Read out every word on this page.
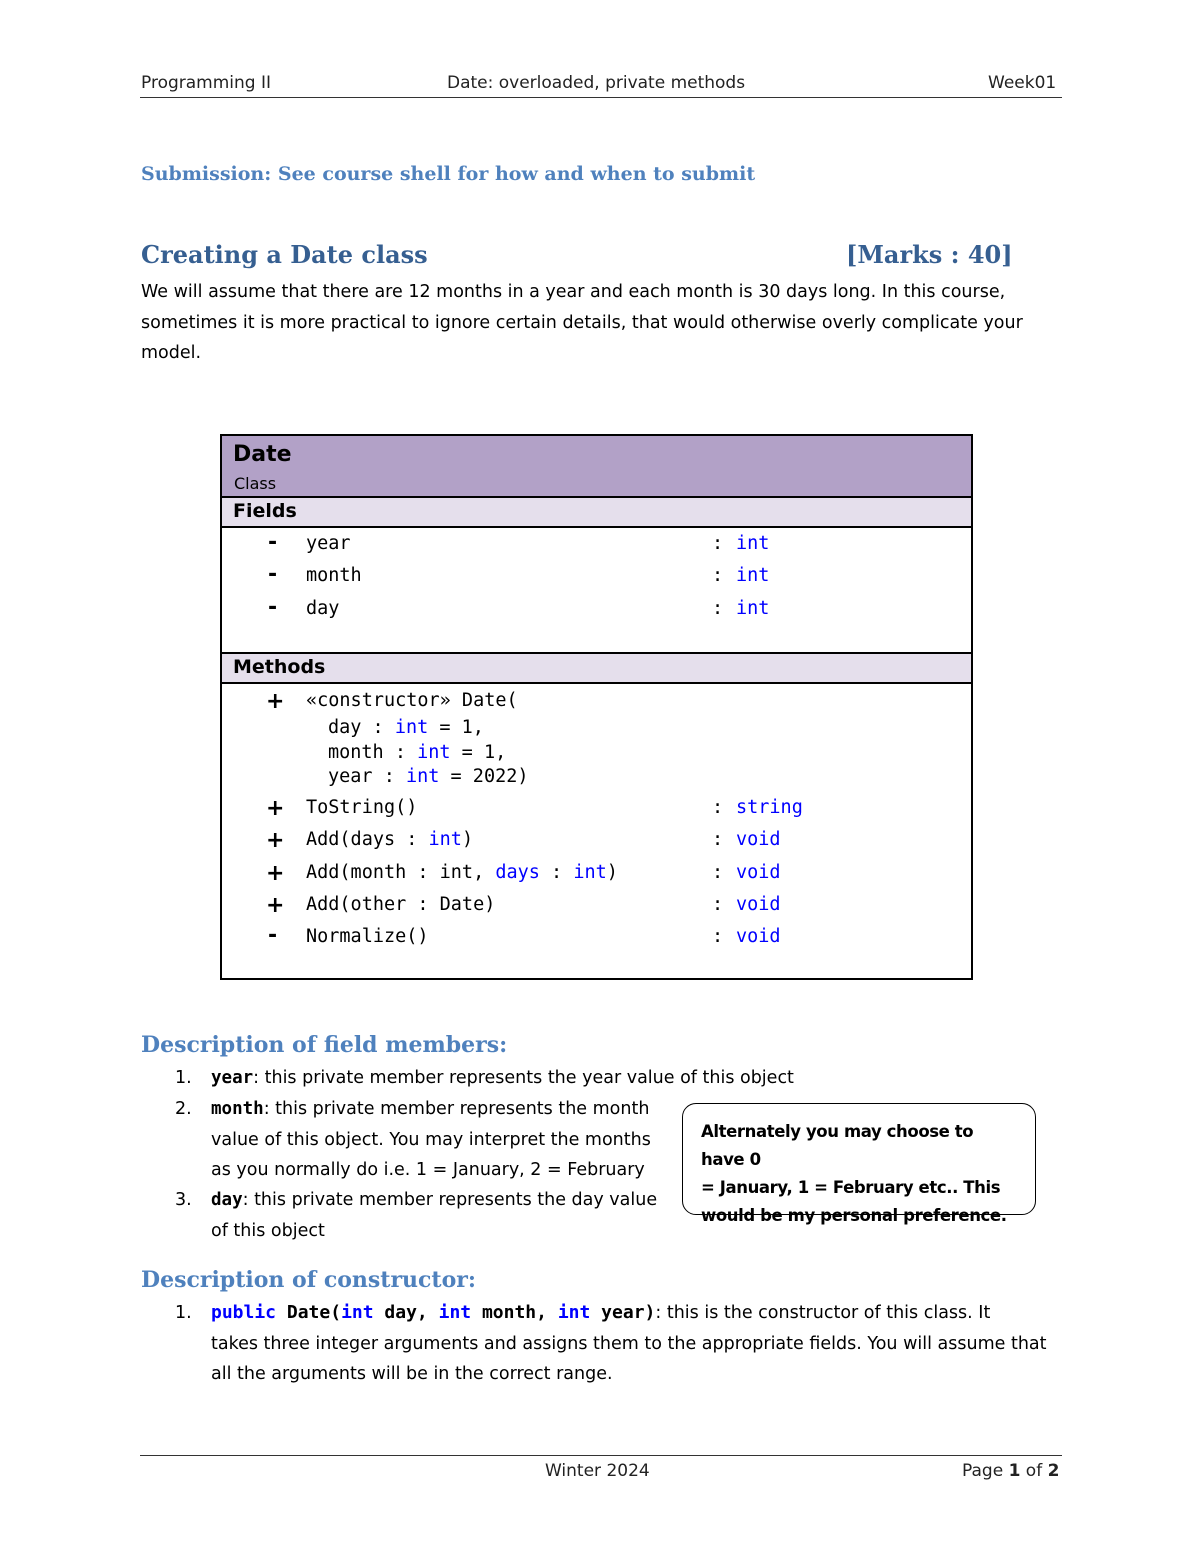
Programming II	Date: overloaded, private methods	Week01
Submission: See course shell for how and when to submit
Creating a Date class	[Marks : 40]
We will assume that there are 12 months in a year and each month is 30 days long. In this course,
sometimes it is more practical to ignore certain details, that would otherwise overly complicate your
model.
Date
Class
Fields
- year	: int
- month	: int
- day	: int
Methods
+ «constructor» Date(
day : int = 1,
month : int = 1,
year : int = 2022)
+ ToString()	: string
+ Add(days : int)	: void
+ Add(month : int, days : int)	: void
+ Add(other : Date)	: void
- Normalize()	: void
Description of field members:
1. year: this private member represents the year value of this object
2. month: this private member represents the month
value of this object. You may interpret the months
as you normally do i.e. 1 = January, 2 = February
3. day: this private member represents the day value
of this object
Alternately you may choose to have 0
= January, 1 = February etc.. This
would be my personal preference.
Description of constructor:
1. public Date(int day, int month, int year): this is the constructor of this class. It
takes three integer arguments and assigns them to the appropriate fields. You will assume that
all the arguments will be in the correct range.
Winter 2024	Page 1 of 2
